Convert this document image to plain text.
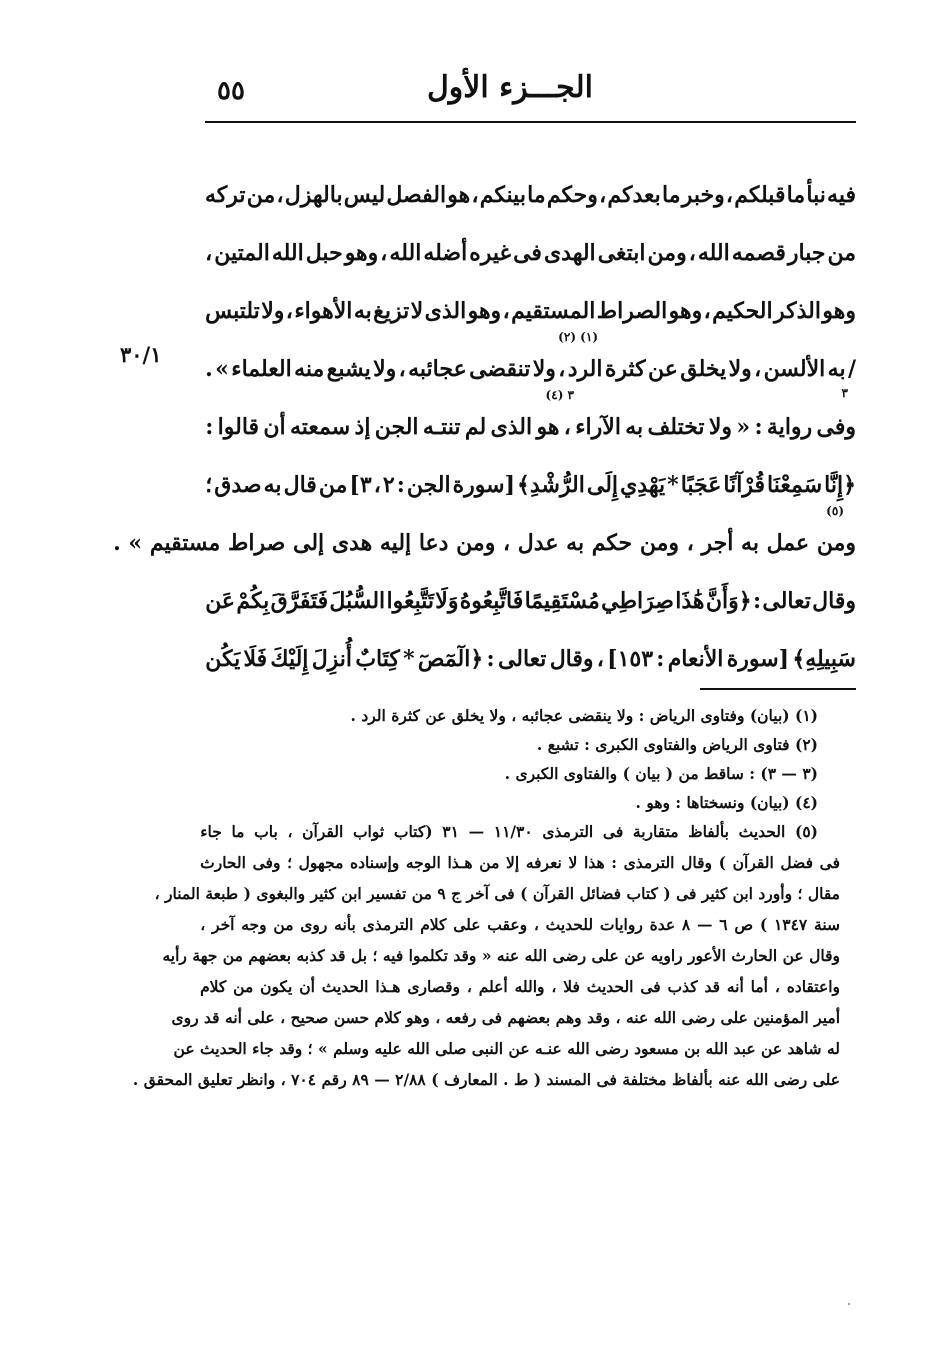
٥٥	الجـــزء الأول
٣٠/١
فيه
نبأ
ما
قبلكم
،
وخبر
ما
بعدكم
،
وحكم
ما
بينكم
،
هو
الفصل
ليس
بالهزل
،
من
تركه
من
جبار
قصمه
الله
،
ومن
ابتغى
الهدى
فى
غيره
أضله
الله
،
وهو
حبل
الله
المتين
،
وهو
الذكر
الحكيم
،
وهو
الصراط
المستقيم
،
وهو
الذى
لا
تزيغ
به
الأهواء
،
ولا
تلتبس
(٢) (١)
/
به
الألسن
،
ولا
يخلق
عن
كثرة
الرد
،
ولا
تنقضى
عجائبه
،
ولا
يشبع
منه
العلماء
»
.
٣
(٤) ٣
وفى
رواية
:
«
ولا
تختلف
به
الآراء
،
هو
الذى
لم
تنتـه
الجن
إذ
سمعته
أن
قالوا
:
﴿إِنَّا
سَمِعْنَا
قُرْآنًا
عَجَبًا
*
يَهْدِي
إِلَى
الرُّشْدِ﴾
[سورة
الجن
:
٢
،
٣]
من
قال
به
صدق
؛
(٥)
ومن
عمل
به
أجر
،
ومن
حكم
به
عدل
،
ومن
دعا
إليه
هدى
إلى
صراط
مستقيم
»
.
وقال
تعالى
:
﴿وَأَنَّ
هَٰذَا
صِرَاطِي
مُسْتَقِيمًا
فَاتَّبِعُوهُ
وَلَا
تَتَّبِعُوا
السُّبُلَ
فَتَفَرَّقَ
بِكُمْ
عَن
سَبِيلِهِ﴾
[سورة
الأنعام
:
١٥٣]
،
وقال
تعالى
:
﴿الٓمٓصٓ
*
كِتَابٌ
أُنزِلَ
إِلَيْكَ
فَلَا
يَكُن
(١) (بيان) وفتاوى الرياض : ولا ينقضى عجائبه ، ولا يخلق عن كثرة الرد .
(٢) فتاوى الرياض والفتاوى الكبرى : تشبع .
(٣ — ٣) : ساقط من ( بيان ) والفتاوى الكبرى .
(٤) (بيان) ونسختاها : وهو .
(٥)
الحديث
بألفاظ
متقاربة
فى
الترمذى
١١/٣٠
—
٣١
(كتاب
ثواب
القرآن
،
باب
ما
جاء
فى
فضل
القرآن
)
وقال
الترمذى
:
هذا
لا
نعرفه
إلا
من
هـذا
الوجه
وإسناده
مجهول
؛
وفى
الحارث
مقال
؛
وأورد
ابن
كثير
فى
(
كتاب
فضائل
القرآن
)
فى
آخر
ج
٩
من
تفسير
ابن
كثير
والبغوى
(
طبعة
المنار
،
سنة
١٣٤٧
)
ص
٦
—
٨
عدة
روايات
للحديث
،
وعقب
على
كلام
الترمذى
بأنه
روى
من
وجه
آخر
،
وقال
عن
الحارث
الأعور
راويه
عن
على
رضى
الله
عنه
«
وقد
تكلموا
فيه
؛
بل
قد
كذبه
بعضهم
من
جهة
رأيه
واعتقاده
،
أما
أنه
قد
كذب
فى
الحديث
فلا
،
والله
أعلم
،
وقصارى
هـذا
الحديث
أن
يكون
من
كلام
أمير
المؤمنين
على
رضى
الله
عنه
،
وقد
وهم
بعضهم
فى
رفعه
،
وهو
كلام
حسن
صحيح
،
على
أنه
قد
روى
له
شاهد
عن
عبد
الله
بن
مسعود
رضى
الله
عنـه
عن
النبى
صلى
الله
عليه
وسلم
»
؛
وقد
جاء
الحديث
عن
على
رضى
الله
عنه
بألفاظ
مختلفة
فى
المسند
(
ط
.
المعارف
)
٢/٨٨
—
٨٩
رقم
٧٠٤
،
وانظر
تعليق
المحقق
.
